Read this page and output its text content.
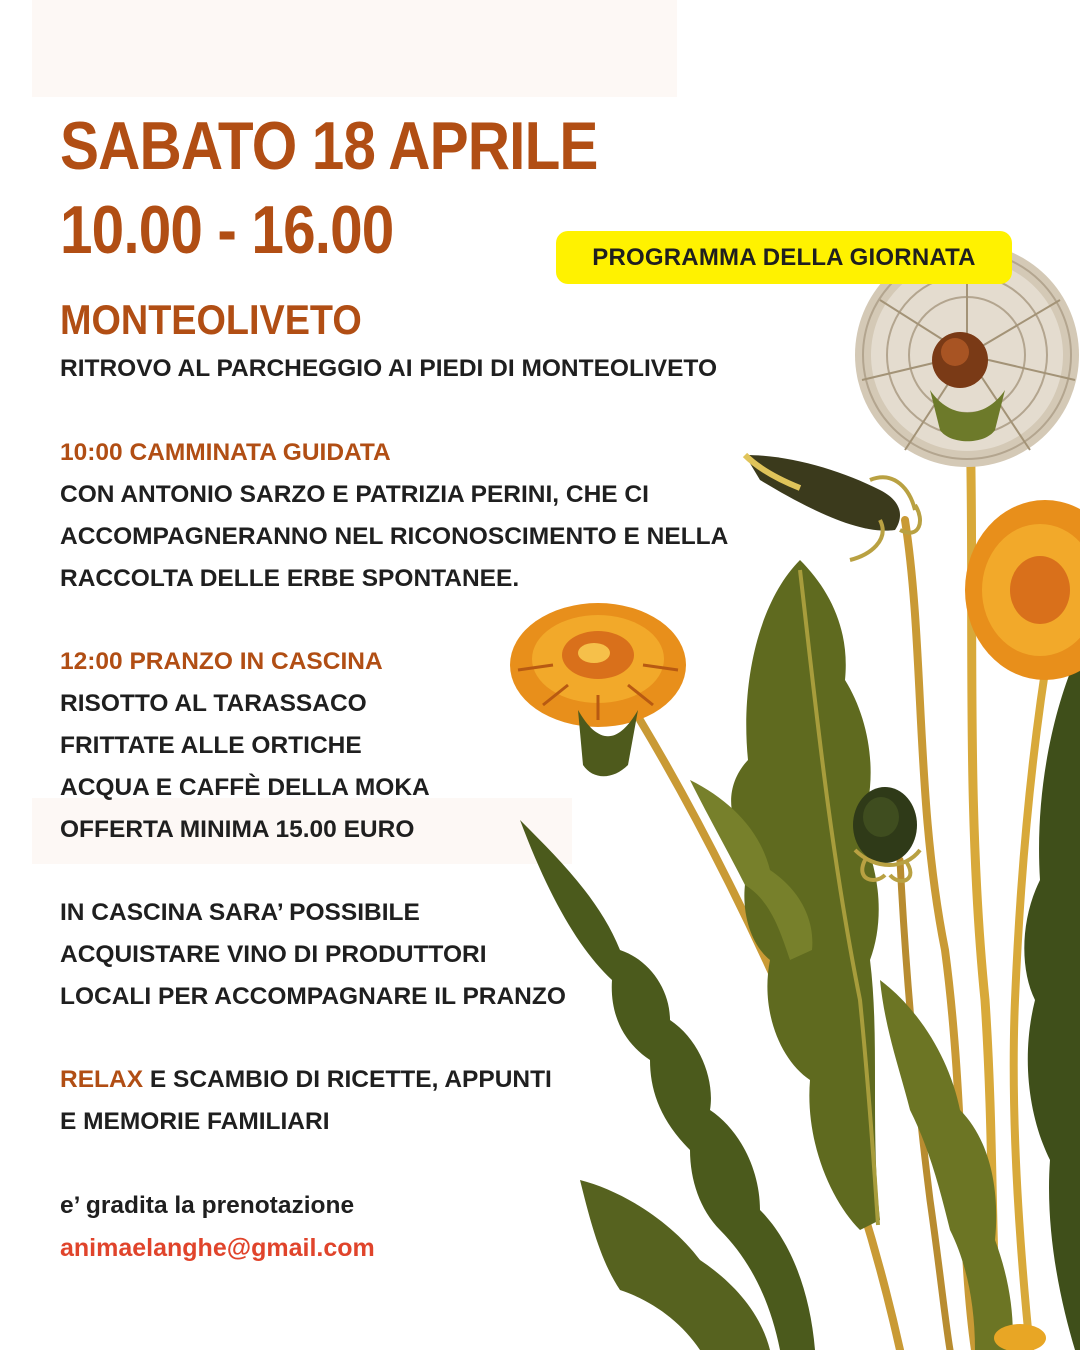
SABATO 18 APRILE
10.00 - 16.00	PROGRAMMA DELLA GIORNATA
MONTEOLIVETO
RITROVO AL PARCHEGGIO AI PIEDI DI MONTEOLIVETO
10:00 CAMMINATA GUIDATA
CON ANTONIO SARZO E PATRIZIA PERINI, CHE CI
ACCOMPAGNERANNO NEL RICONOSCIMENTO E NELLA
RACCOLTA DELLE ERBE SPONTANEE.
12:00 PRANZO IN CASCINA
RISOTTO AL TARASSACO
FRITTATE ALLE ORTICHE
ACQUA E CAFFÈ DELLA MOKA
OFFERTA MINIMA 15.00 EURO
IN CASCINA SARA’ POSSIBILE
ACQUISTARE VINO DI PRODUTTORI
LOCALI PER ACCOMPAGNARE IL PRANZO
RELAX E SCAMBIO DI RICETTE, APPUNTI
E MEMORIE FAMILIARI
e’ gradita la prenotazione
animaelanghe@gmail.com
